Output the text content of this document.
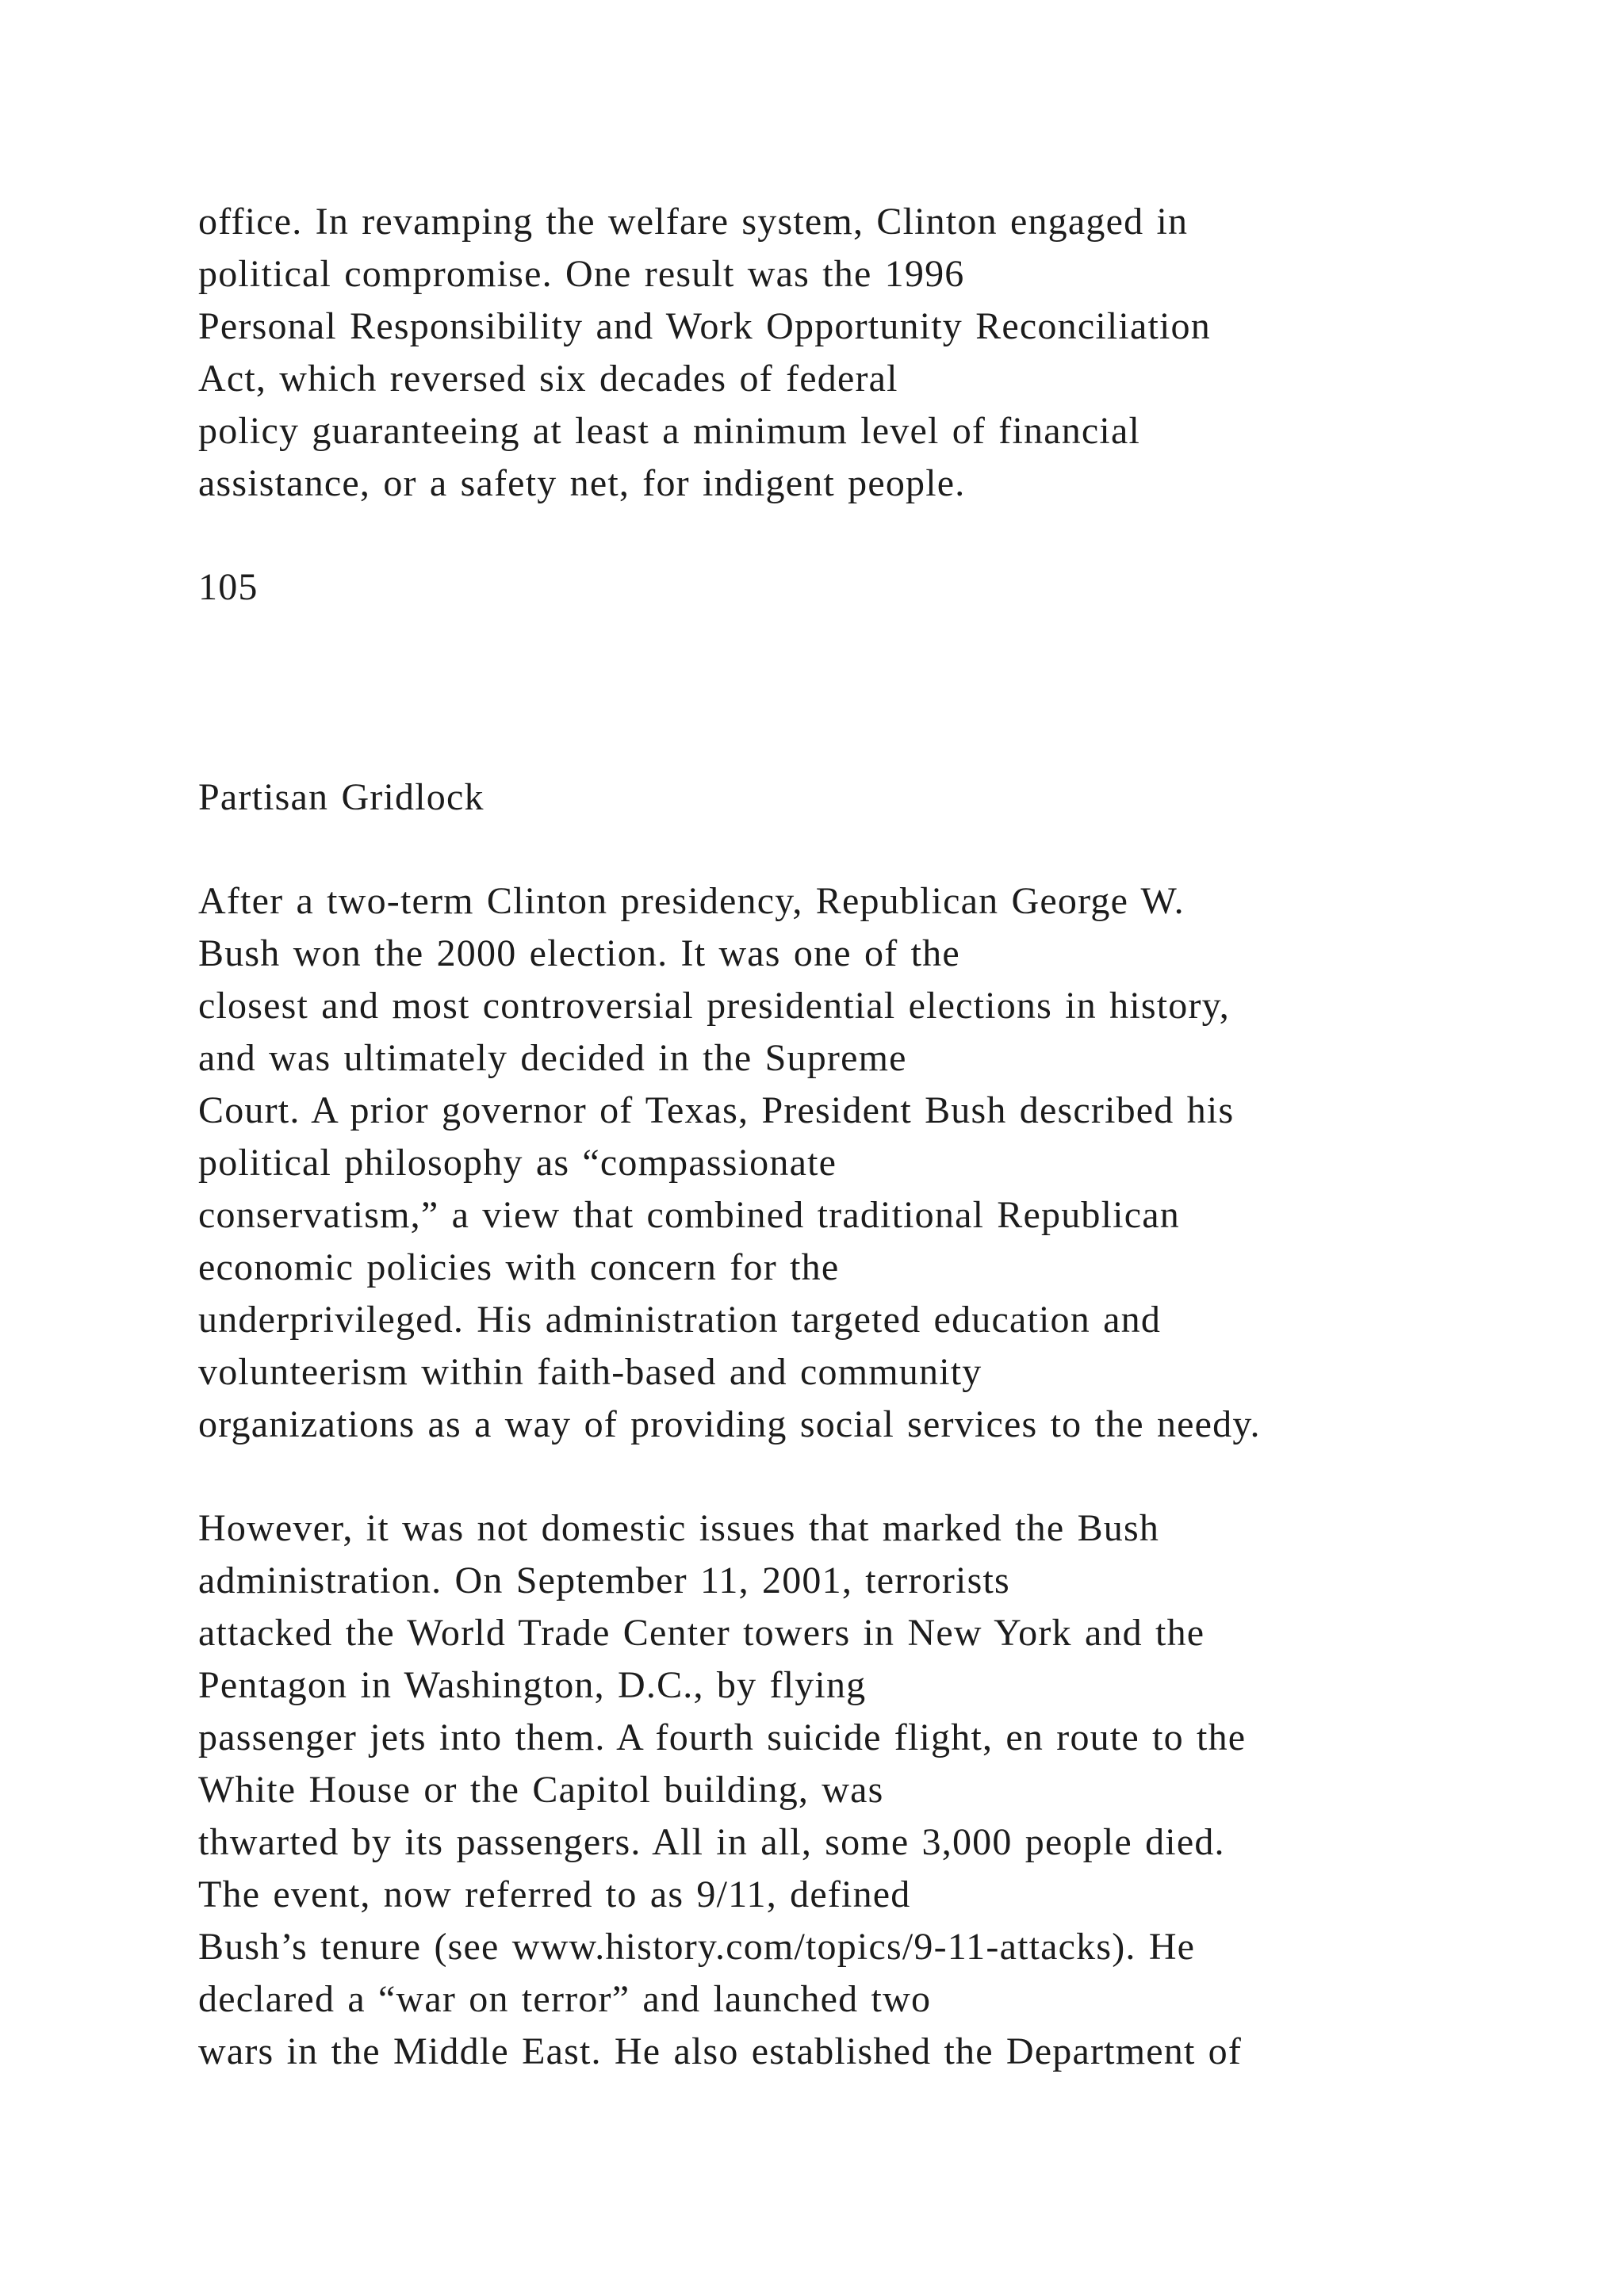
office. In revamping the welfare system, Clinton engaged in

political compromise. One result was the 1996

Personal Responsibility and Work Opportunity Reconciliation

Act, which reversed six decades of federal

policy guaranteeing at least a minimum level of financial

assistance, or a safety net, for indigent people.

105

Partisan Gridlock

After a two-term Clinton presidency, Republican George W.

Bush won the 2000 election. It was one of the

closest and most controversial presidential elections in history,

and was ultimately decided in the Supreme

Court. A prior governor of Texas, President Bush described his

political philosophy as “compassionate

conservatism,” a view that combined traditional Republican

economic policies with concern for the

underprivileged. His administration targeted education and

volunteerism within faith-based and community

organizations as a way of providing social services to the needy.

However, it was not domestic issues that marked the Bush

administration. On September 11, 2001, terrorists

attacked the World Trade Center towers in New York and the

Pentagon in Washington, D.C., by flying

passenger jets into them. A fourth suicide flight, en route to the

White House or the Capitol building, was

thwarted by its passengers. All in all, some 3,000 people died.

The event, now referred to as 9/11, defined

Bush’s tenure (see www.history.com/topics/9-11-attacks). He

declared a “war on terror” and launched two

wars in the Middle East. He also established the Department of
